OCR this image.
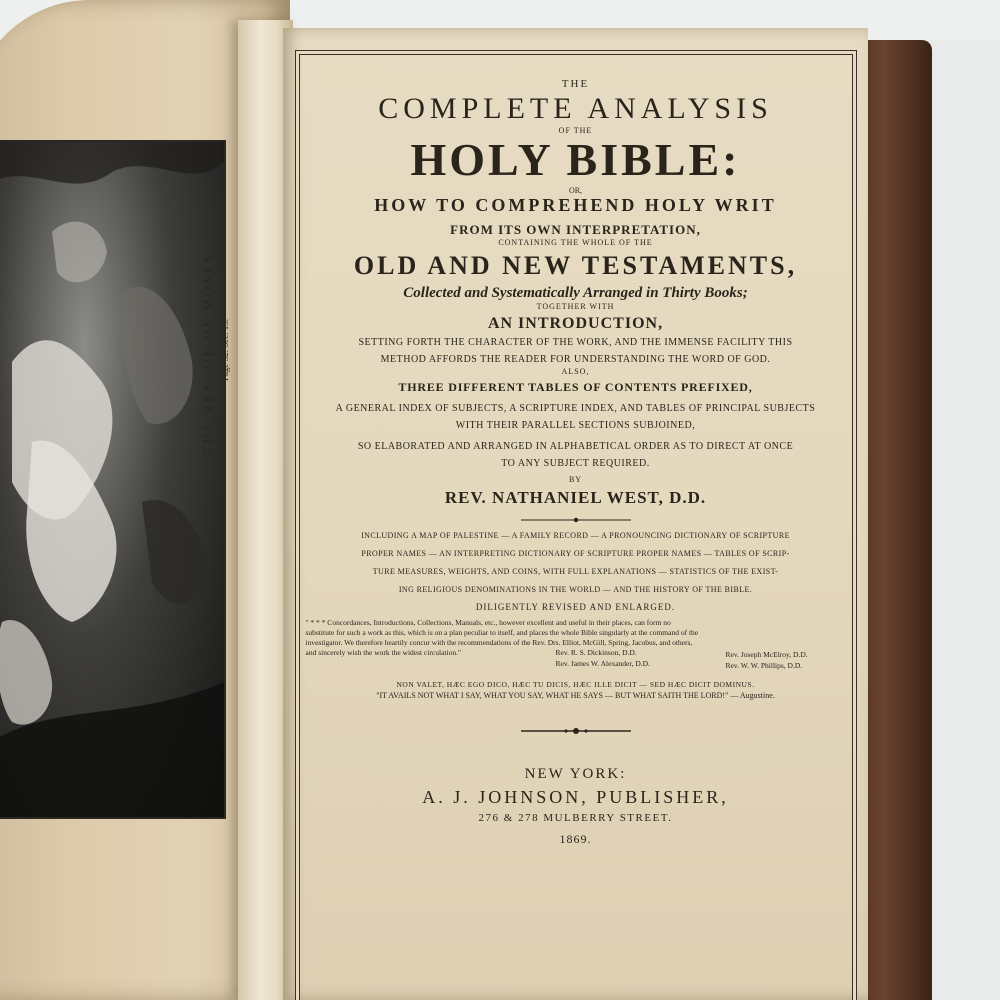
THE RESCUE OF MOSES. Page 32. Sec. 13.
THE
COMPLETE ANALYSIS
OF THE
HOLY BIBLE:
OR,
HOW TO COMPREHEND HOLY WRIT
FROM ITS OWN INTERPRETATION,
CONTAINING THE WHOLE OF THE
OLD AND NEW TESTAMENTS,
Collected and Systematically Arranged in Thirty Books;
TOGETHER WITH
AN INTRODUCTION,
SETTING FORTH THE CHARACTER OF THE WORK, AND THE IMMENSE FACILITY THIS
METHOD AFFORDS THE READER FOR UNDERSTANDING THE WORD OF GOD.
ALSO,
THREE DIFFERENT TABLES OF CONTENTS PREFIXED,
A GENERAL INDEX OF SUBJECTS, A SCRIPTURE INDEX, AND TABLES OF PRINCIPAL SUBJECTS
WITH THEIR PARALLEL SECTIONS SUBJOINED,
SO ELABORATED AND ARRANGED IN ALPHABETICAL ORDER AS TO DIRECT AT ONCE
TO ANY SUBJECT REQUIRED.
BY
REV. NATHANIEL WEST, D.D.
INCLUDING A MAP OF PALESTINE — A FAMILY RECORD — A PRONOUNCING DICTIONARY OF SCRIPTURE
PROPER NAMES — AN INTERPRETING DICTIONARY OF SCRIPTURE PROPER NAMES — TABLES OF SCRIP-
TURE MEASURES, WEIGHTS, AND COINS, WITH FULL EXPLANATIONS — STATISTICS OF THE EXIST-
ING RELIGIOUS DENOMINATIONS IN THE WORLD — AND THE HISTORY OF THE BIBLE.
DILIGENTLY REVISED AND ENLARGED.
" * * * Concordances, Introductions, Collections, Manuals, etc., however excellent and useful in their places, can form no
substitute for such a work as this, which is on a plan peculiar to itself, and places the whole Bible singularly at the command of the
investigator. We therefore heartily concur with the recommendations of the Rev. Drs. Elliot, McGill, Spring, Jacobus, and others,
and sincerely wish the work the widest circulation."	Rev. R. S. Dickinson, D.D.	Rev. Joseph McElroy, D.D.
Rev. James W. Alexander, D.D.	Rev. W. W. Phillips, D.D.
NON VALET, HÆC EGO DICO, HÆC TU DICIS, HÆC ILLE DICIT — SED HÆC DICIT DOMINUS.
"IT AVAILS NOT WHAT I SAY, WHAT YOU SAY, WHAT HE SAYS — BUT WHAT SAITH THE LORD!" — Augustine.
NEW YORK:
A. J. JOHNSON, PUBLISHER,
276 & 278 MULBERRY STREET.
1869.
